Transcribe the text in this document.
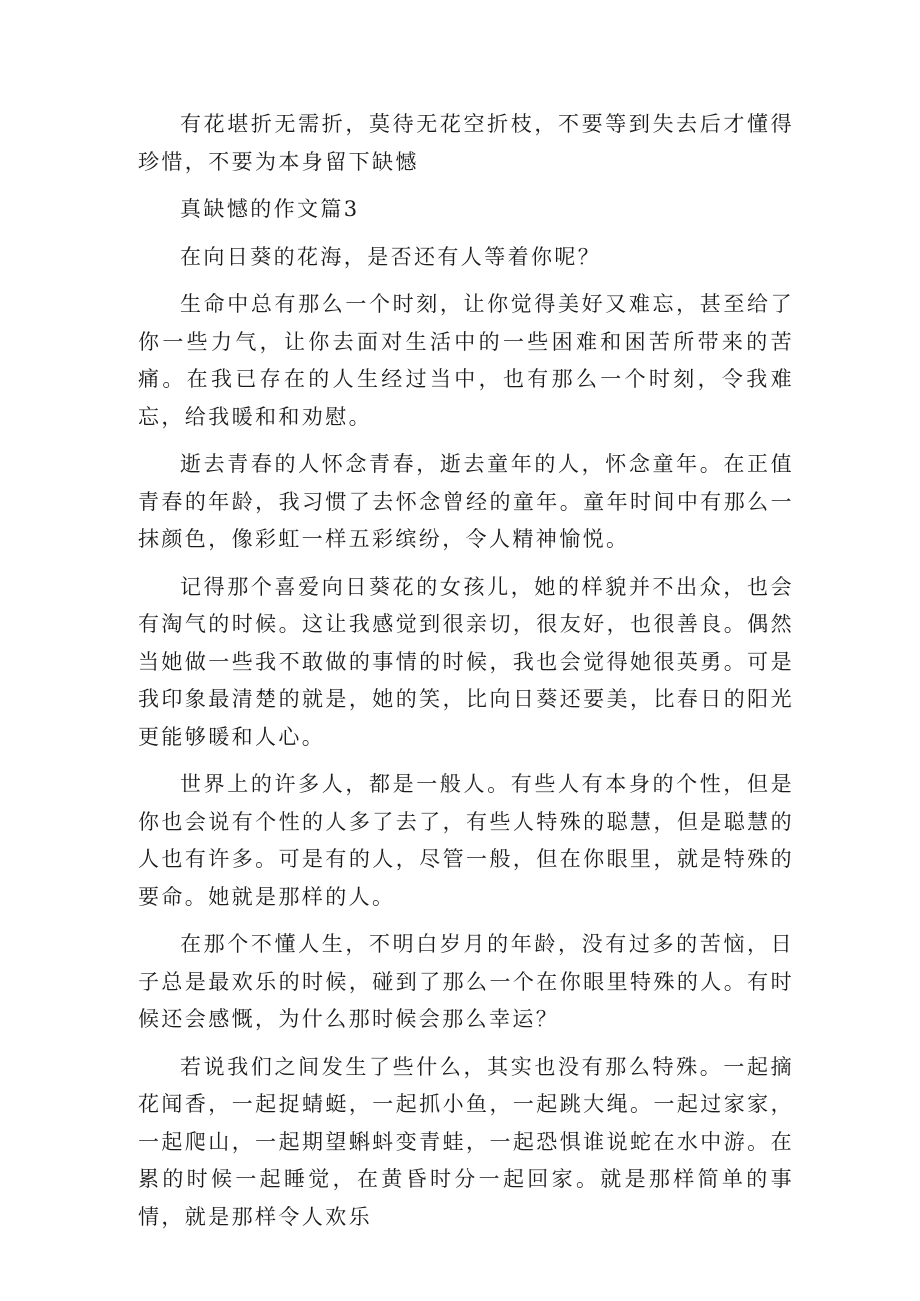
有花堪折无需折，莫待无花空折枝，不要等到失去后才懂得珍惜，不要为本身留下缺憾

真缺憾的作文篇3

在向日葵的花海，是否还有人等着你呢？

生命中总有那么一个时刻，让你觉得美好又难忘，甚至给了你一些力气，让你去面对生活中的一些困难和困苦所带来的苦痛。在我已存在的人生经过当中，也有那么一个时刻，令我难忘，给我暖和和劝慰。

逝去青春的人怀念青春，逝去童年的人，怀念童年。在正值青春的年龄，我习惯了去怀念曾经的童年。童年时间中有那么一抹颜色，像彩虹一样五彩缤纷，令人精神愉悦。

记得那个喜爱向日葵花的女孩儿，她的样貌并不出众，也会有淘气的时候。这让我感觉到很亲切，很友好，也很善良。偶然当她做一些我不敢做的事情的时候，我也会觉得她很英勇。可是我印象最清楚的就是，她的笑，比向日葵还要美，比春日的阳光更能够暖和人心。

世界上的许多人，都是一般人。有些人有本身的个性，但是你也会说有个性的人多了去了，有些人特殊的聪慧，但是聪慧的人也有许多。可是有的人，尽管一般，但在你眼里，就是特殊的要命。她就是那样的人。

在那个不懂人生，不明白岁月的年龄，没有过多的苦恼，日子总是最欢乐的时候，碰到了那么一个在你眼里特殊的人。有时候还会感慨，为什么那时候会那么幸运？

若说我们之间发生了些什么，其实也没有那么特殊。一起摘花闻香，一起捉蜻蜓，一起抓小鱼，一起跳大绳。一起过家家，一起爬山，一起期望蝌蚪变青蛙，一起恐惧谁说蛇在水中游。在累的时候一起睡觉，在黄昏时分一起回家。就是那样简单的事情，就是那样令人欢乐
